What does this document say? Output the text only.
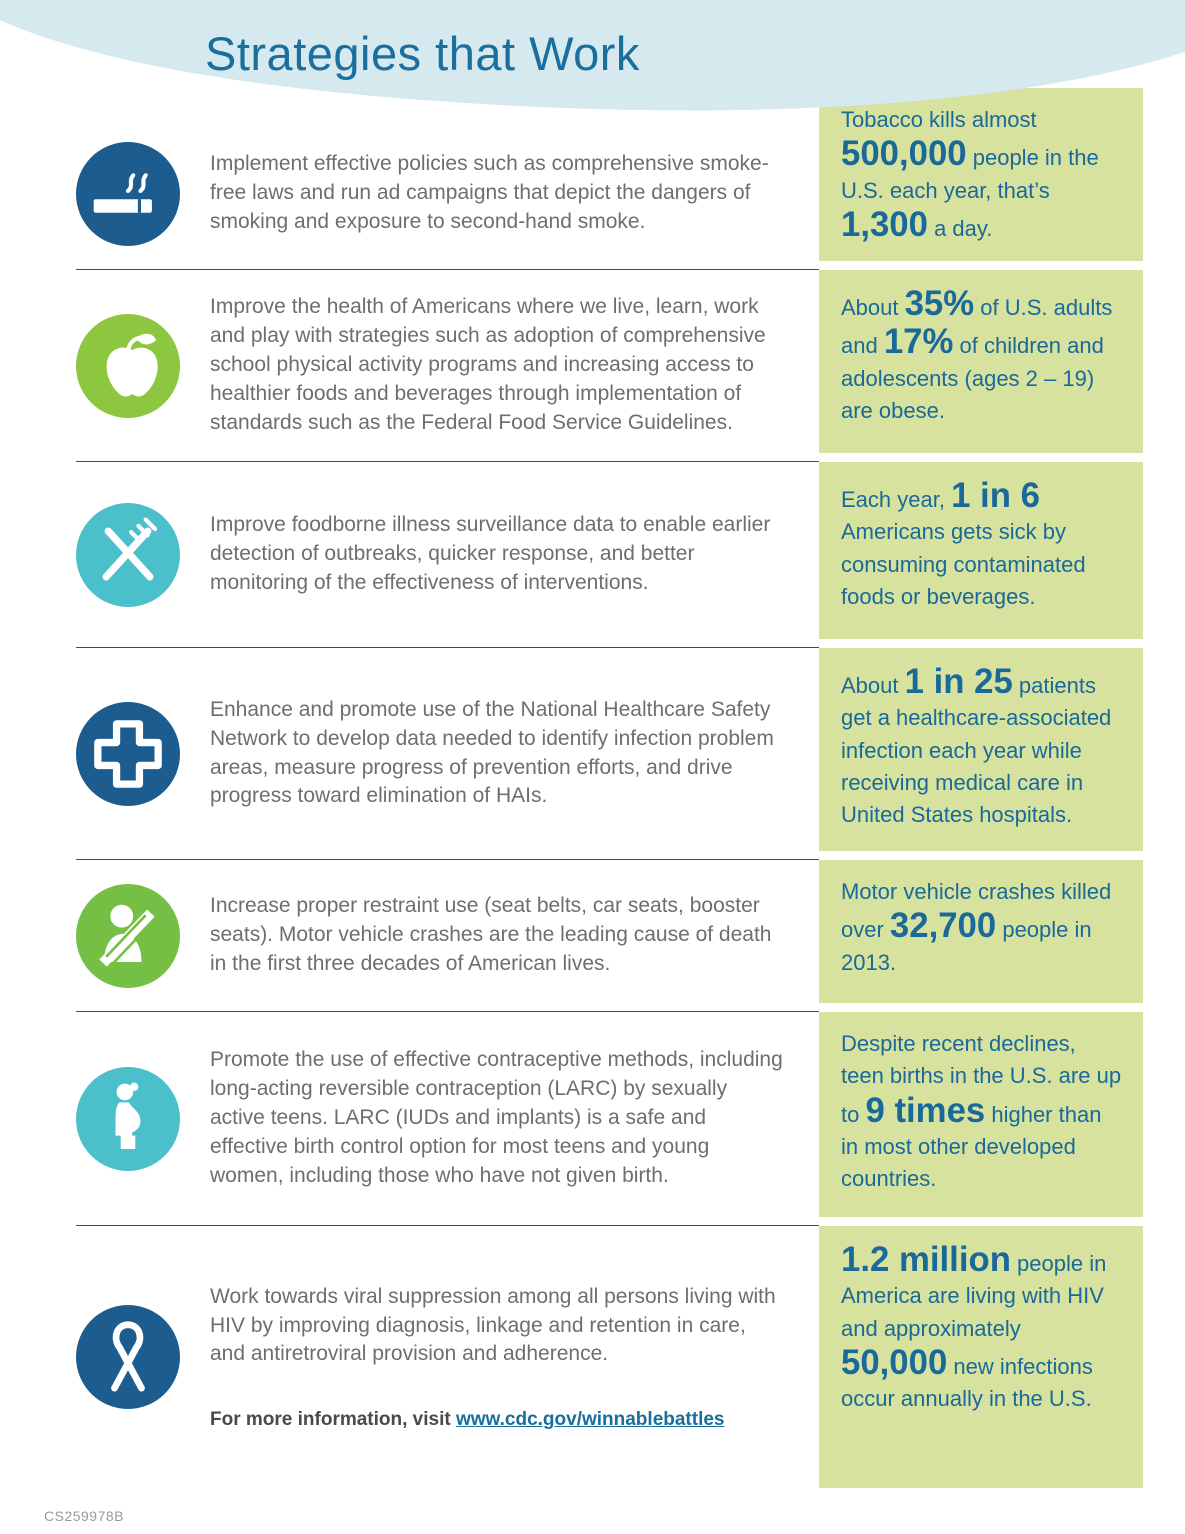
Strategies that Work

Implement effective policies such as comprehensive smoke-free laws and run ad campaigns that depict the dangers of smoking and exposure to second-hand smoke.

Tobacco kills almost 500,000 people in the U.S. each year, that’s 1,300 a day.

Improve the health of Americans where we live, learn, work and play with strategies such as adoption of comprehensive school physical activity programs and increasing access to healthier foods and beverages through implementation of standards such as the Federal Food Service Guidelines.

About 35% of U.S. adults and 17% of children and adolescents (ages 2 – 19) are obese.

Improve foodborne illness surveillance data to enable earlier detection of outbreaks, quicker response, and better monitoring of the effectiveness of interventions.

Each year, 1 in 6 Americans gets sick by consuming contaminated foods or beverages.

Enhance and promote use of the National Healthcare Safety Network to develop data needed to identify infection problem areas, measure progress of prevention efforts, and drive progress toward elimination of HAIs.

About 1 in 25 patients get a healthcare-associated infection each year while receiving medical care in United States hospitals.

Increase proper restraint use (seat belts, car seats, booster seats). Motor vehicle crashes are the leading cause of death in the first three decades of American lives.

Motor vehicle crashes killed over 32,700 people in 2013.

Promote the use of effective contraceptive methods, including long-acting reversible contraception (LARC) by sexually active teens. LARC (IUDs and implants) is a safe and effective birth control option for most teens and young women, including those who have not given birth.

Despite recent declines, teen births in the U.S. are up to 9 times higher than in most other developed countries.

Work towards viral suppression among all persons living with HIV by improving diagnosis, linkage and retention in care, and antiretroviral provision and adherence.

For more information, visit www.cdc.gov/winnablebattles
1.2 million people in America are living with HIV and approximately 50,000 new infections occur annually in the U.S.
CS259978B
